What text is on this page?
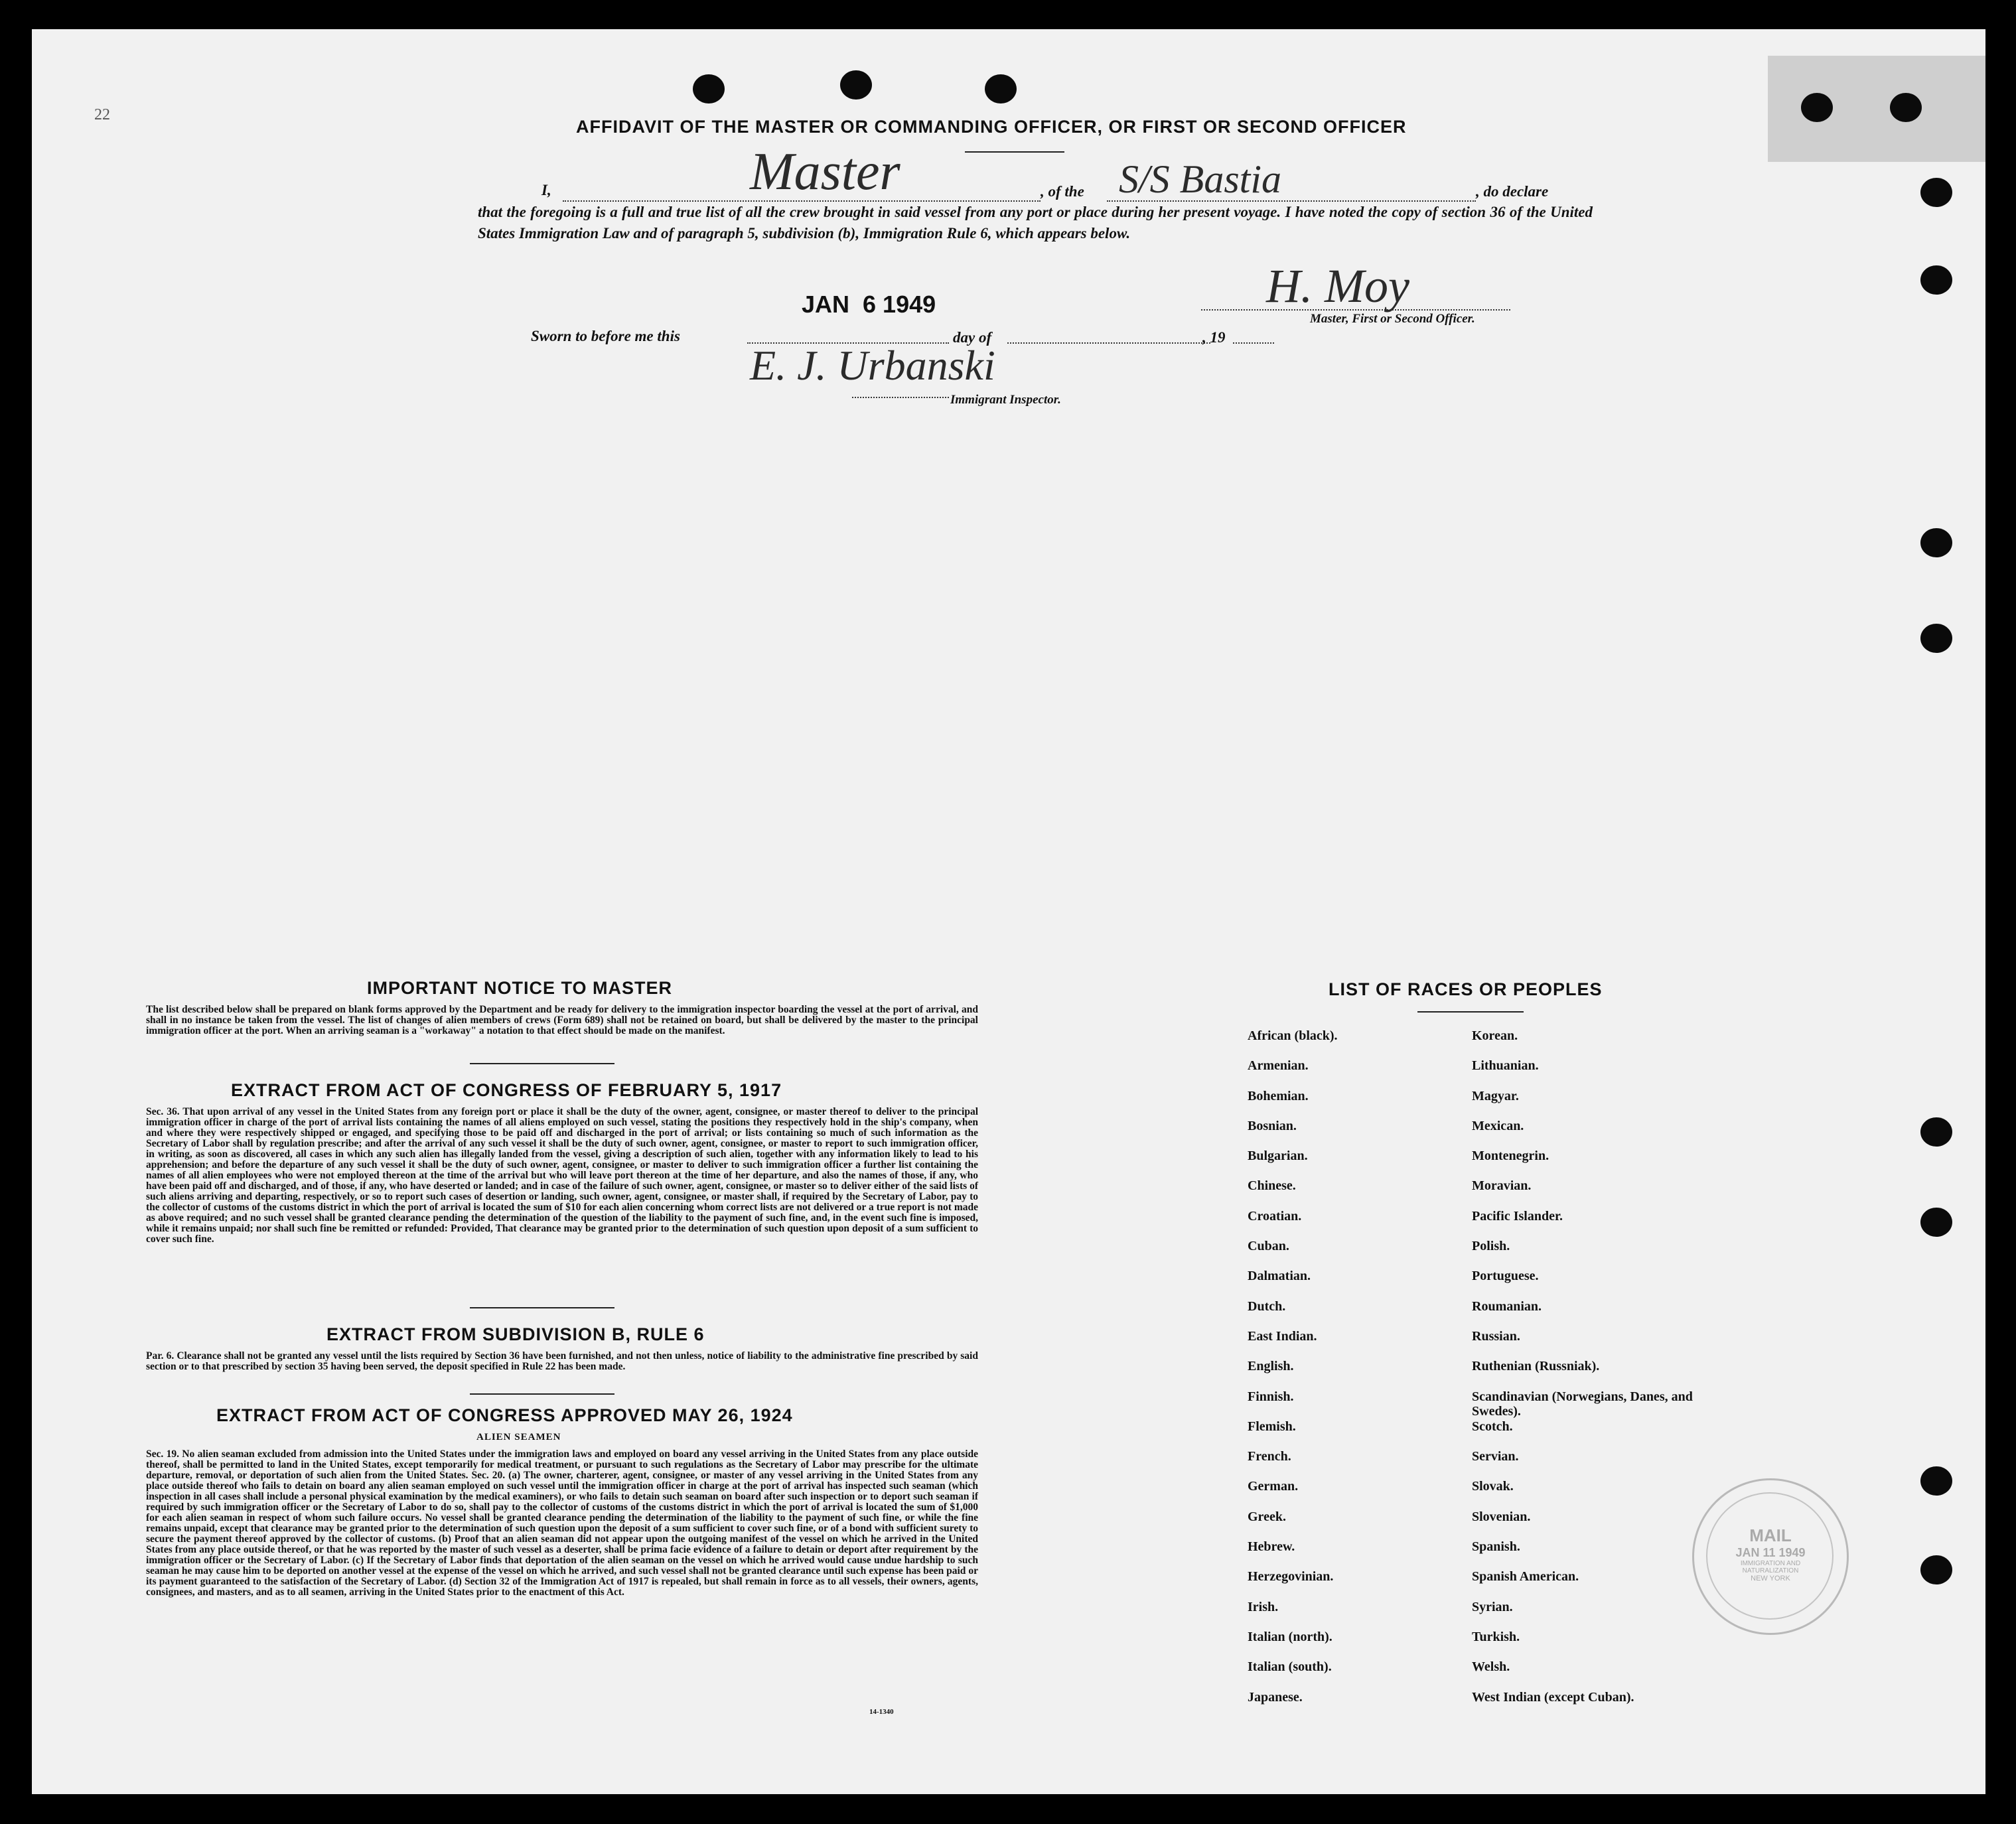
22
AFFIDAVIT OF THE MASTER OR COMMANDING OFFICER, OR FIRST OR SECOND OFFICER
I,	Master	, of the S/S Bastia	, do declare
that the foregoing is a full and true list of all the crew brought in said vessel from any port or place during her present voyage. I have noted the copy of section 36 of the United States Immigration Law and of paragraph 5, subdivision (b), Immigration Rule 6, which appears below.
H. Moy
Master, First or Second Officer.
Sworn to before me this
JAN  6 1949
day of	, 19
E. J. Urbanski
Immigrant Inspector.
IMPORTANT NOTICE TO MASTER
The list described below shall be prepared on blank forms approved by the Department and be ready for delivery to the immigration inspector boarding the vessel at the port of arrival, and shall in no instance be taken from the vessel. The list of changes of alien members of crews (Form 689) shall not be retained on board, but shall be delivered by the master to the principal immigration officer at the port. When an arriving seaman is a "workaway" a notation to that effect should be made on the manifest.
EXTRACT FROM ACT OF CONGRESS OF FEBRUARY 5, 1917
Sec. 36. That upon arrival of any vessel in the United States from any foreign port or place it shall be the duty of the owner, agent, consignee, or master thereof to deliver to the principal immigration officer in charge of the port of arrival lists containing the names of all aliens employed on such vessel, stating the positions they respectively hold in the ship's company, when and where they were respectively shipped or engaged, and specifying those to be paid off and discharged in the port of arrival; or lists containing so much of such information as the Secretary of Labor shall by regulation prescribe; and after the arrival of any such vessel it shall be the duty of such owner, agent, consignee, or master to report to such immigration officer, in writing, as soon as discovered, all cases in which any such alien has illegally landed from the vessel, giving a description of such alien, together with any information likely to lead to his apprehension; and before the departure of any such vessel it shall be the duty of such owner, agent, consignee, or master to deliver to such immigration officer a further list containing the names of all alien employees who were not employed thereon at the time of the arrival but who will leave port thereon at the time of her departure, and also the names of those, if any, who have been paid off and discharged, and of those, if any, who have deserted or landed; and in case of the failure of such owner, agent, consignee, or master so to deliver either of the said lists of such aliens arriving and departing, respectively, or so to report such cases of desertion or landing, such owner, agent, consignee, or master shall, if required by the Secretary of Labor, pay to the collector of customs of the customs district in which the port of arrival is located the sum of $10 for each alien concerning whom correct lists are not delivered or a true report is not made as above required; and no such vessel shall be granted clearance pending the determination of the question of the liability to the payment of such fine, and, in the event such fine is imposed, while it remains unpaid; nor shall such fine be remitted or refunded: Provided, That clearance may be granted prior to the determination of such question upon deposit of a sum sufficient to cover such fine.
EXTRACT FROM SUBDIVISION B, RULE 6
Par. 6. Clearance shall not be granted any vessel until the lists required by Section 36 have been furnished, and not then unless, notice of liability to the administrative fine prescribed by said section or to that prescribed by section 35 having been served, the deposit specified in Rule 22 has been made.
EXTRACT FROM ACT OF CONGRESS APPROVED MAY 26, 1924
ALIEN SEAMEN
Sec. 19. No alien seaman excluded from admission into the United States under the immigration laws and employed on board any vessel arriving in the United States from any place outside thereof, shall be permitted to land in the United States, except temporarily for medical treatment, or pursuant to such regulations as the Secretary of Labor may prescribe for the ultimate departure, removal, or deportation of such alien from the United States. Sec. 20. (a) The owner, charterer, agent, consignee, or master of any vessel arriving in the United States from any place outside thereof who fails to detain on board any alien seaman employed on such vessel until the immigration officer in charge at the port of arrival has inspected such seaman (which inspection in all cases shall include a personal physical examination by the medical examiners), or who fails to detain such seaman on board after such inspection or to deport such seaman if required by such immigration officer or the Secretary of Labor to do so, shall pay to the collector of customs of the customs district in which the port of arrival is located the sum of $1,000 for each alien seaman in respect of whom such failure occurs. No vessel shall be granted clearance pending the determination of the liability to the payment of such fine, or while the fine remains unpaid, except that clearance may be granted prior to the determination of such question upon the deposit of a sum sufficient to cover such fine, or of a bond with sufficient surety to secure the payment thereof approved by the collector of customs. (b) Proof that an alien seaman did not appear upon the outgoing manifest of the vessel on which he arrived in the United States from any place outside thereof, or that he was reported by the master of such vessel as a deserter, shall be prima facie evidence of a failure to detain or deport after requirement by the immigration officer or the Secretary of Labor. (c) If the Secretary of Labor finds that deportation of the alien seaman on the vessel on which he arrived would cause undue hardship to such seaman he may cause him to be deported on another vessel at the expense of the vessel on which he arrived, and such vessel shall not be granted clearance until such expense has been paid or its payment guaranteed to the satisfaction of the Secretary of Labor. (d) Section 32 of the Immigration Act of 1917 is repealed, but shall remain in force as to all vessels, their owners, agents, consignees, and masters, and as to all seamen, arriving in the United States prior to the enactment of this Act.
14-1340
LIST OF RACES OR PEOPLES
African (black).
Armenian.
Bohemian.
Bosnian.
Bulgarian.
Chinese.
Croatian.
Cuban.
Dalmatian.
Dutch.
East Indian.
English.
Finnish.
Flemish.
French.
German.
Greek.
Hebrew.
Herzegovinian.
Irish.
Italian (north).
Italian (south).
Japanese.
Korean.
Lithuanian.
Magyar.
Mexican.
Montenegrin.
Moravian.
Pacific Islander.
Polish.
Portuguese.
Roumanian.
Russian.
Ruthenian (Russniak).
Scandinavian (Norwegians, Danes, and Swedes).
Scotch.
Servian.
Slovak.
Slovenian.
Spanish.
Spanish American.
Syrian.
Turkish.
Welsh.
West Indian (except Cuban).
MAIL
JAN 11 1949
IMMIGRATION AND NATURALIZATION
NEW YORK
